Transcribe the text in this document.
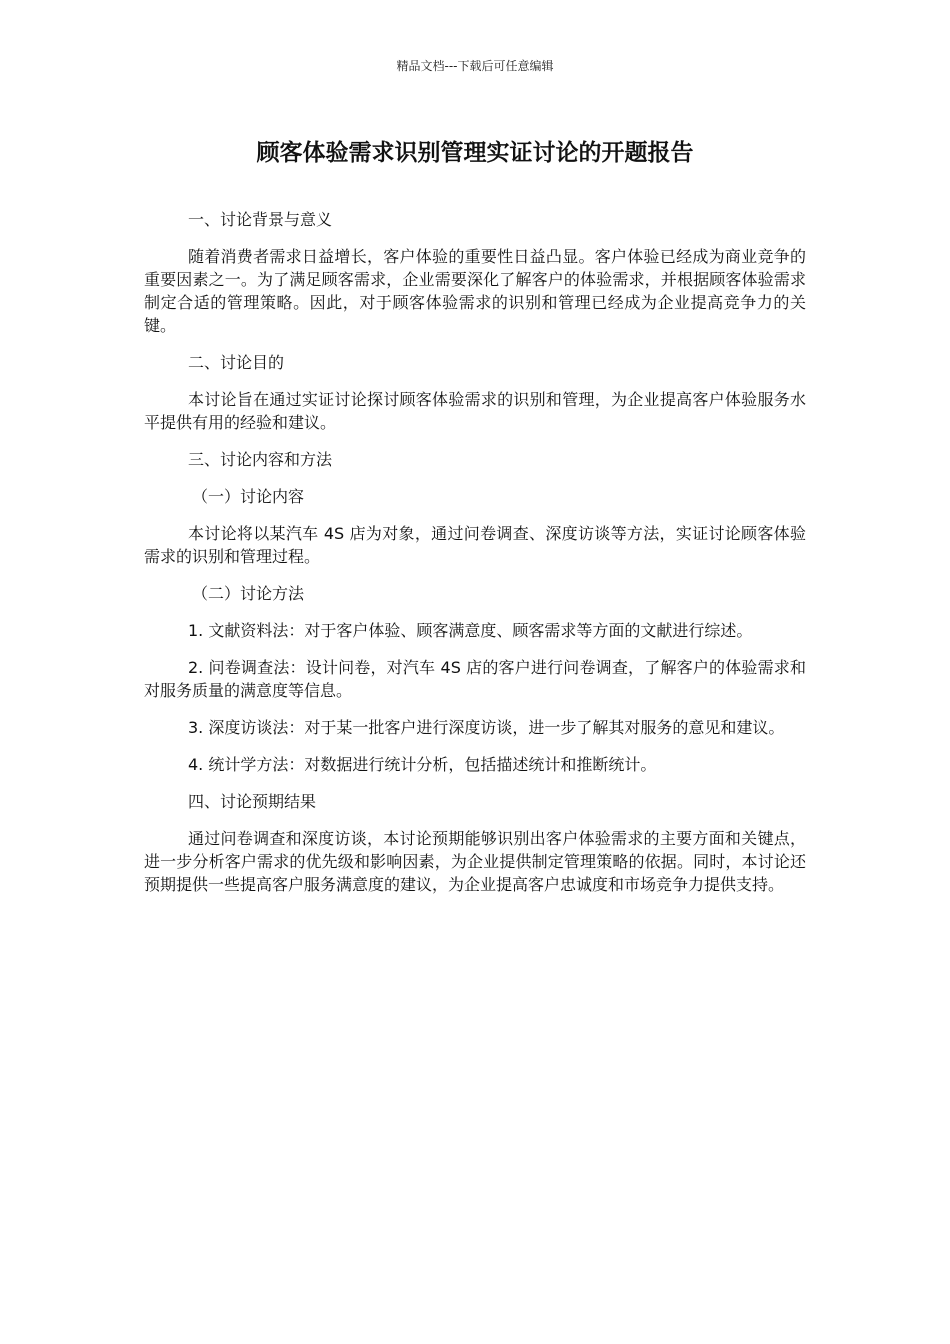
精品文档---下载后可任意编辑
顾客体验需求识别管理实证讨论的开题报告

一、讨论背景与意义

随着消费者需求日益增长，客户体验的重要性日益凸显。客户体验已经成为商业竞争的重要因素之一。为了满足顾客需求，企业需要深化了解客户的体验需求，并根据顾客体验需求制定合适的管理策略。因此，对于顾客体验需求的识别和管理已经成为企业提高竞争力的关键。

二、讨论目的

本讨论旨在通过实证讨论探讨顾客体验需求的识别和管理，为企业提高客户体验服务水平提供有用的经验和建议。

三、讨论内容和方法

（一）讨论内容

本讨论将以某汽车 4S 店为对象，通过问卷调查、深度访谈等方法，实证讨论顾客体验需求的识别和管理过程。

（二）讨论方法

1. 文献资料法：对于客户体验、顾客满意度、顾客需求等方面的文献进行综述。

2. 问卷调查法：设计问卷，对汽车 4S 店的客户进行问卷调查，了解客户的体验需求和对服务质量的满意度等信息。

3. 深度访谈法：对于某一批客户进行深度访谈，进一步了解其对服务的意见和建议。

4. 统计学方法：对数据进行统计分析，包括描述统计和推断统计。

四、讨论预期结果

通过问卷调查和深度访谈，本讨论预期能够识别出客户体验需求的主要方面和关键点，进一步分析客户需求的优先级和影响因素，为企业提供制定管理策略的依据。同时，本讨论还预期提供一些提高客户服务满意度的建议，为企业提高客户忠诚度和市场竞争力提供支持。
